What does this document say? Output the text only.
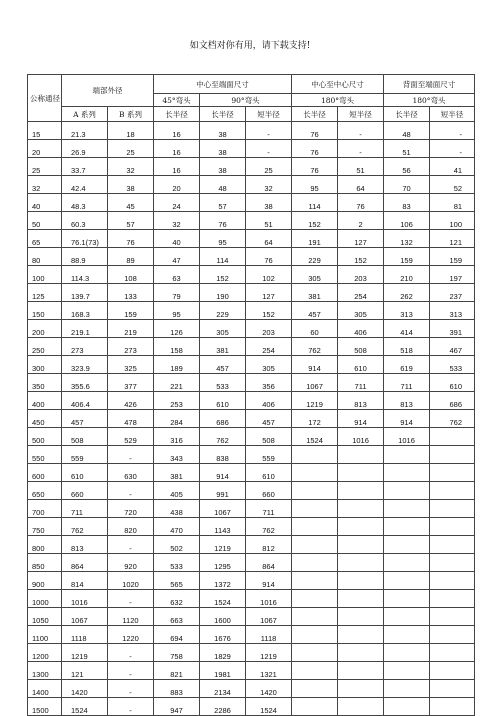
如文档对你有用，请下载支持!
公称通径	端部外径		中心至端面尺寸			中心至中心尺寸		背面至端面尺寸	
			45°弯头	90°弯头		180°弯头		180°弯头	
	A 系列	B 系列	长半径	长半径	短半径	长半径	短半径	长半径	短半径
15	21.3	18	16	38	-	76	-	48	-
20	26.9	25	16	38	-	76	-	51	-
25	33.7	32	16	38	25	76	51	56	41
32	42.4	38	20	48	32	95	64	70	52
40	48.3	45	24	57	38	114	76	83	81
50	60.3	57	32	76	51	152	2	106	100
65	76.1(73)	76	40	95	64	191	127	132	121
80	88.9	89	47	114	76	229	152	159	159
100	114.3	108	63	152	102	305	203	210	197
125	139.7	133	79	190	127	381	254	262	237
150	168.3	159	95	229	152	457	305	313	313
200	219.1	219	126	305	203	60	406	414	391
250	273	273	158	381	254	762	508	518	467
300	323.9	325	189	457	305	914	610	619	533
350	355.6	377	221	533	356	1067	711	711	610
400	406.4	426	253	610	406	1219	813	813	686
450	457	478	284	686	457	172	914	914	762
500	508	529	316	762	508	1524	1016	1016	
550	559	-	343	838	559				
600	610	630	381	914	610				
650	660	-	405	991	660				
700	711	720	438	1067	711				
750	762	820	470	1143	762				
800	813	-	502	1219	812				
850	864	920	533	1295	864				
900	814	1020	565	1372	914				
1000	1016	-	632	1524	1016				
1050	1067	1120	663	1600	1067				
1100	1118	1220	694	1676	1118				
1200	1219	-	758	1829	1219				
1300	121	-	821	1981	1321				
1400	1420	-	883	2134	1420				
1500	1524	-	947	2286	1524				
